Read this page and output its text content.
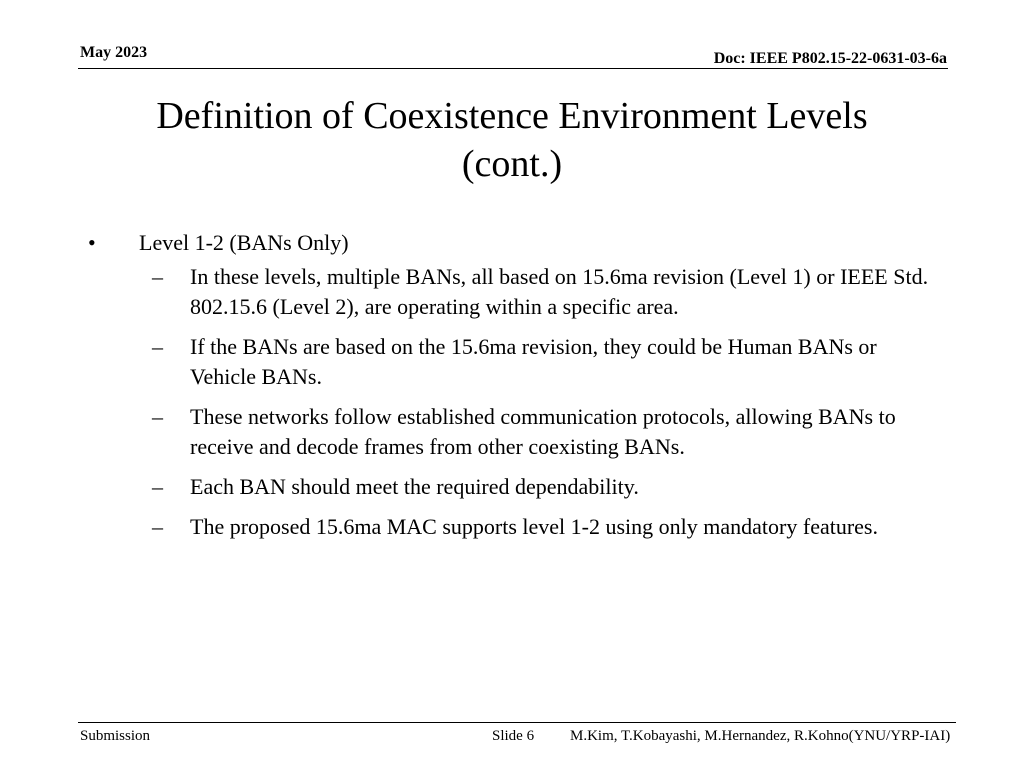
May 2023	Doc: IEEE P802.15-22-0631-03-6a
Definition of Coexistence Environment Levels
(cont.)
•	Level 1-2 (BANs Only)
– In these levels, multiple BANs, all based on 15.6ma revision (Level 1) or IEEE Std. 802.15.6 (Level 2), are operating within a specific area.
– If the BANs are based on the 15.6ma revision, they could be Human BANs or Vehicle BANs.
– These networks follow established communication protocols, allowing BANs to receive and decode frames from other coexisting BANs.
– Each BAN should meet the required dependability.
– The proposed 15.6ma MAC supports level 1-2 using only mandatory features.
Submission	Slide 6 M.Kim, T.Kobayashi, M.Hernandez, R.Kohno(YNU/YRP-IAI)
